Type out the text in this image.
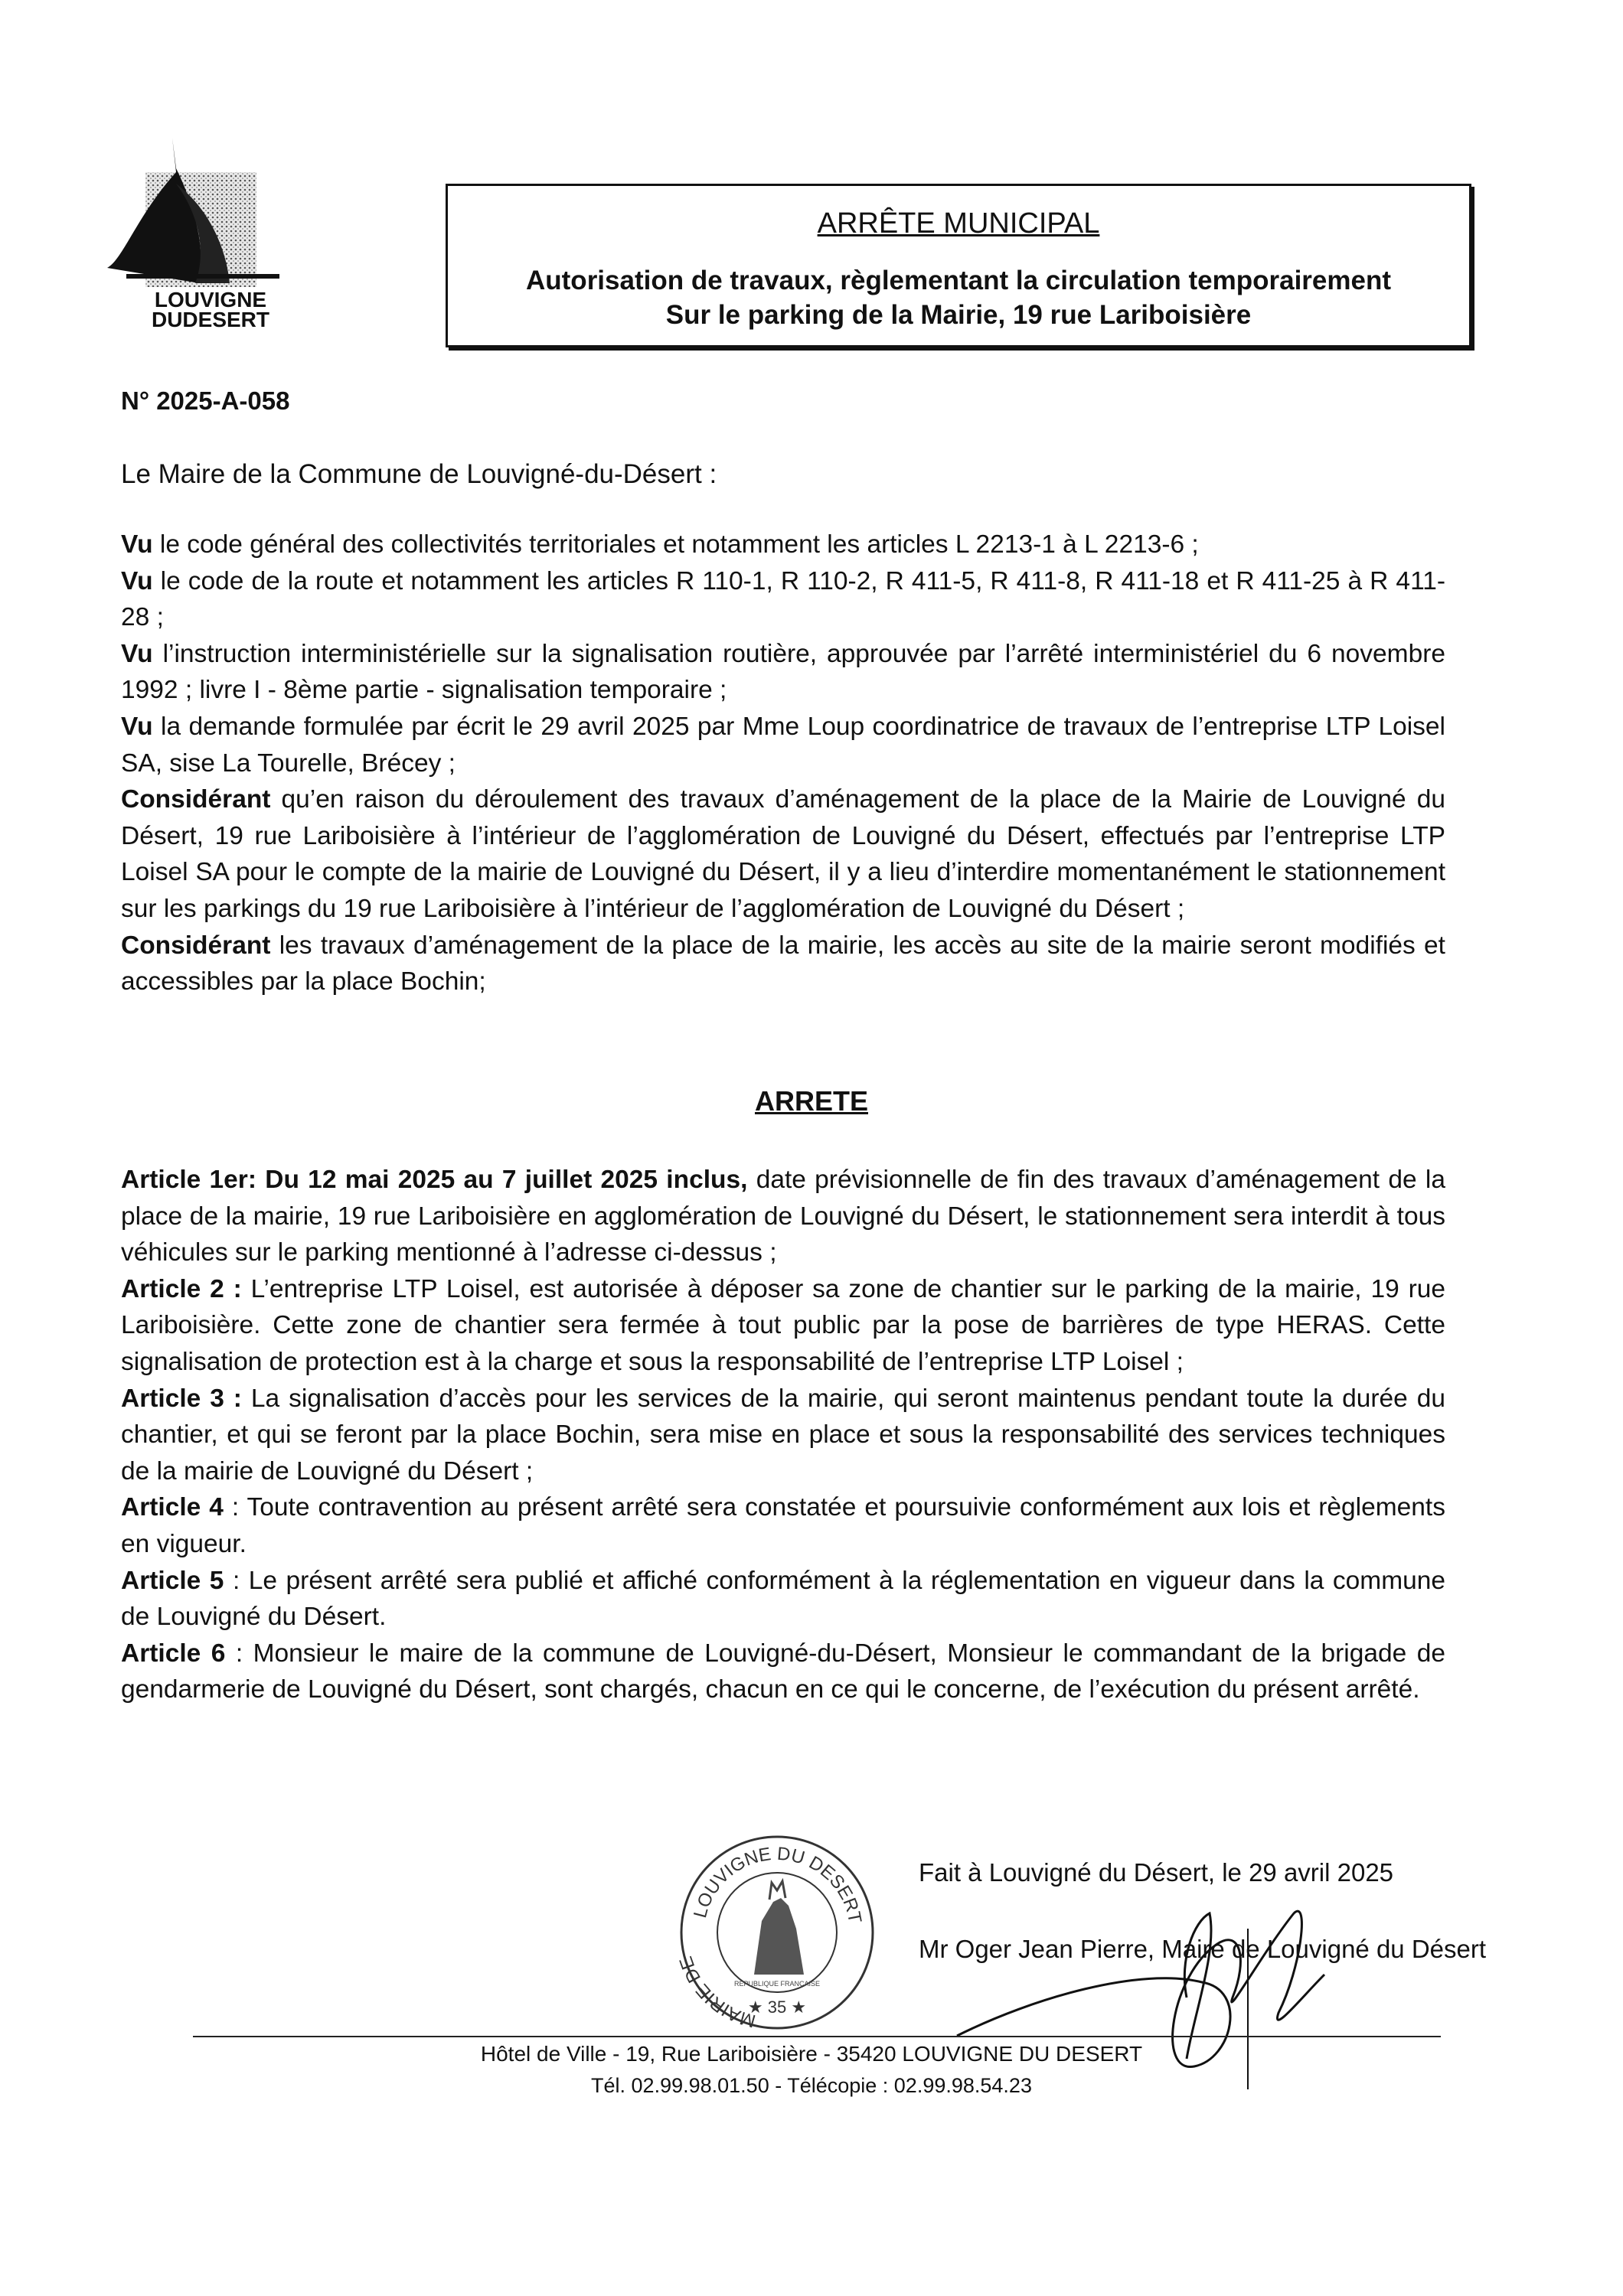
LOUVIGNE
DUDESERT
ARRÊTE MUNICIPAL
Autorisation de travaux, règlementant la circulation temporairement
Sur le parking de la Mairie, 19 rue Lariboisière
N° 2025-A-058
Le Maire de la Commune de Louvigné-du-Désert :

Vu le code général des collectivités territoriales et notamment les articles L 2213-1 à L 2213-6 ;

Vu le code de la route et notamment les articles R 110-1, R 110-2, R 411-5, R 411-8, R 411-18 et R 411-25 à R 411-28 ;

Vu l’instruction interministérielle sur la signalisation routière, approuvée par l’arrêté interministériel du 6 novembre 1992 ; livre I - 8ème partie - signalisation temporaire ;

Vu la demande formulée par écrit le 29 avril 2025 par Mme Loup coordinatrice de travaux de l’entreprise LTP Loisel SA, sise La Tourelle, Brécey ;

Considérant qu’en raison du déroulement des travaux d’aménagement de la place de la Mairie de Louvigné du Désert, 19 rue Lariboisière à l’intérieur de l’agglomération de Louvigné du Désert, effectués par l’entreprise LTP Loisel SA pour le compte de la mairie de Louvigné du Désert, il y a lieu d’interdire momentanément le stationnement sur les parkings du 19 rue Lariboisière à l’intérieur de l’agglomération de Louvigné du Désert ;

Considérant les travaux d’aménagement de la place de la mairie, les accès au site de la mairie seront modifiés et accessibles par la place Bochin;

ARRETE

Article 1er: Du 12 mai 2025 au 7 juillet 2025 inclus, date prévisionnelle de fin des travaux d’aménagement de la place de la mairie, 19 rue Lariboisière en agglomération de Louvigné du Désert, le stationnement sera interdit à tous véhicules sur le parking mentionné à l’adresse ci-dessus ;

Article 2 : L’entreprise LTP Loisel, est autorisée à déposer sa zone de chantier sur le parking de la mairie, 19 rue Lariboisière. Cette zone de chantier sera fermée à tout public par la pose de barrières de type HERAS. Cette signalisation de protection est à la charge et sous la responsabilité de l’entreprise LTP Loisel ;

Article 3 : La signalisation d’accès pour les services de la mairie, qui seront maintenus pendant toute la durée du chantier, et qui se feront par la place Bochin, sera mise en place et sous la responsabilité des services techniques de la mairie de Louvigné du Désert ;

Article 4 : Toute contravention au présent arrêté sera constatée et poursuivie conformément aux lois et règlements en vigueur.

Article 5 : Le présent arrêté sera publié et affiché conformément à la réglementation en vigueur dans la commune de Louvigné du Désert.

Article 6 : Monsieur le maire de la commune de Louvigné-du-Désert, Monsieur le commandant de la brigade de gendarmerie de Louvigné du Désert, sont chargés, chacun en ce qui le concerne, de l’exécution du présent arrêté.

LOUVIGNE DU DESERT
MAIRIE DE
★ 35 ★
RÉPUBLIQUE FRANÇAISE
Fait à Louvigné du Désert, le 29 avril 2025
Mr Oger Jean Pierre, Maire de Louvigné du Désert
Hôtel de Ville - 19, Rue Lariboisière - 35420 LOUVIGNE DU DESERT
Tél. 02.99.98.01.50 - Télécopie : 02.99.98.54.23
